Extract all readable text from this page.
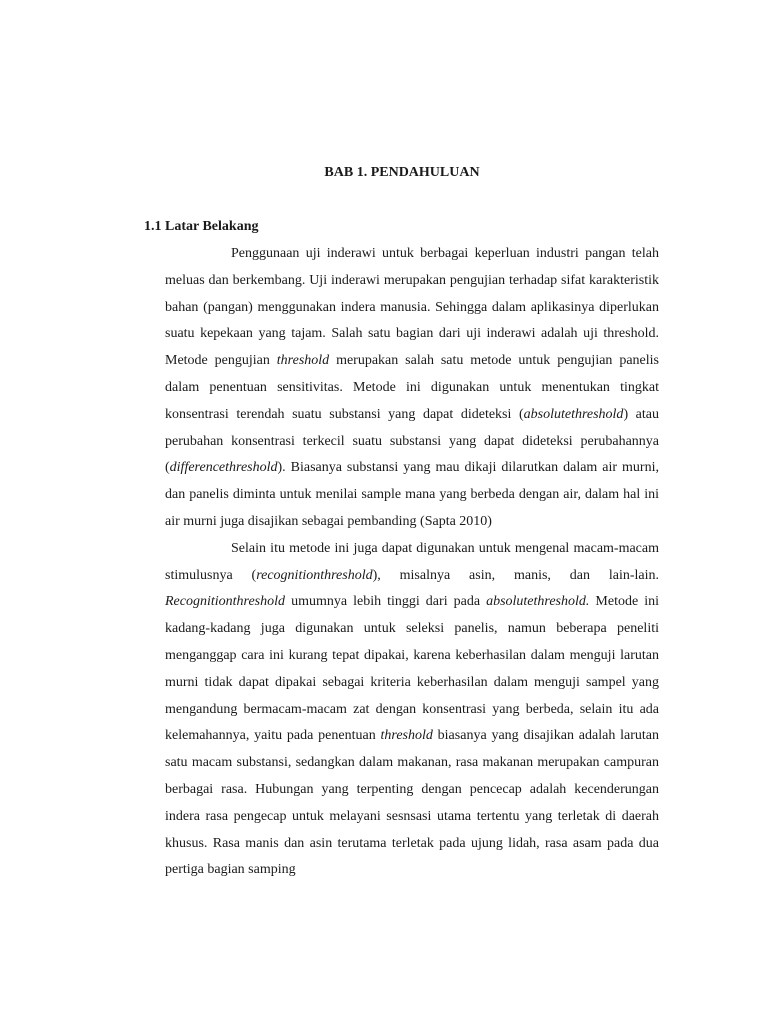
BAB 1. PENDAHULUAN
1.1 Latar Belakang

Penggunaan uji inderawi untuk berbagai keperluan industri pangan telah meluas dan berkembang. Uji inderawi merupakan pengujian terhadap sifat karakteristik bahan (pangan) menggunakan indera manusia. Sehingga dalam aplikasinya diperlukan suatu kepekaan yang tajam. Salah satu bagian dari uji inderawi adalah uji threshold. Metode pengujian threshold merupakan salah satu metode untuk pengujian panelis dalam penentuan sensitivitas. Metode ini digunakan untuk menentukan tingkat konsentrasi terendah suatu substansi yang dapat dideteksi (absolutethreshold) atau perubahan konsentrasi terkecil suatu substansi yang dapat dideteksi perubahannya (differencethreshold). Biasanya substansi yang mau dikaji dilarutkan dalam air murni, dan panelis diminta untuk menilai sample mana yang berbeda dengan air, dalam hal ini air murni juga disajikan sebagai pembanding (Sapta 2010)

Selain itu metode ini juga dapat digunakan untuk mengenal macam-macam stimulusnya (recognitionthreshold), misalnya asin, manis, dan lain-lain. Recognitionthreshold umumnya lebih tinggi dari pada absolutethreshold. Metode ini kadang-kadang juga digunakan untuk seleksi panelis, namun beberapa peneliti menganggap cara ini kurang tepat dipakai, karena keberhasilan dalam menguji larutan murni tidak dapat dipakai sebagai kriteria keberhasilan dalam menguji sampel yang mengandung bermacam-macam zat dengan konsentrasi yang berbeda, selain itu ada kelemahannya, yaitu pada penentuan threshold biasanya yang disajikan adalah larutan satu macam substansi, sedangkan dalam makanan, rasa makanan merupakan campuran berbagai rasa. Hubungan yang terpenting dengan pencecap adalah kecenderungan indera rasa pengecap untuk melayani sesnsasi utama tertentu yang terletak di daerah khusus. Rasa manis dan asin terutama terletak pada ujung lidah, rasa asam pada dua pertiga bagian samping
